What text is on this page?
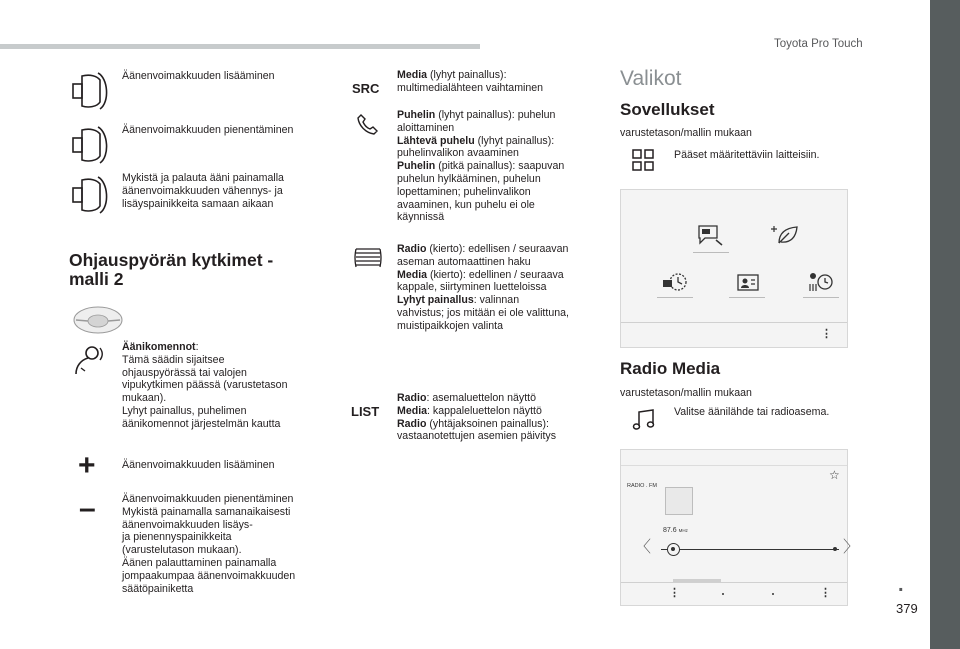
Toyota Pro Touch
Äänenvoimakkuuden lisääminen
Äänenvoimakkuuden pienentäminen
Mykistä ja palauta ääni painamalla
äänenvoimakkuuden vähennys- ja
lisäyspainikkeita samaan aikaan
Ohjauspyörän kytkimet -
malli 2
Äänikomennot:
Tämä säädin sijaitsee
ohjauspyörässä tai valojen
vipukytkimen päässä (varustetason
mukaan).
Lyhyt painallus, puhelimen
äänikomennot järjestelmän kautta
+ Äänenvoimakkuuden lisääminen
– Äänenvoimakkuuden pienentäminen
Mykistä painamalla samanaikaisesti
äänenvoimakkuuden lisäys-
ja pienennyspainikkeita
(varustelutason mukaan).
Äänen palauttaminen painamalla
jompaakumpaa äänenvoimakkuuden
säätöpainiketta
SRC
Media (lyhyt painallus):
multimedialähteen vaihtaminen
Puhelin (lyhyt painallus): puhelun
aloittaminen
Lähtevä puhelu (lyhyt painallus):
puhelinvalikon avaaminen
Puhelin (pitkä painallus): saapuvan
puhelun hylkääminen, puhelun
lopettaminen; puhelinvalikon
avaaminen, kun puhelu ei ole
käynnissä
Radio (kierto): edellisen / seuraavan
aseman automaattinen haku
Media (kierto): edellinen / seuraava
kappale, siirtyminen luetteloissa
Lyhyt painallus: valinnan
vahvistus; jos mitään ei ole valittuna,
muistipaikkojen valinta
LIST
Radio: asemaluettelon näyttö
Media: kappaleluettelon näyttö
Radio (yhtäjaksoinen painallus):
vastaanotettujen asemien päivitys
Valikot
Sovellukset
varustetason/mallin mukaan
Pääset määritettäviin laitteisiin.
⋮
Radio Media
varustetason/mallin mukaan
Valitse äänilähde tai radioasema.
RADIO . FM
☆
87.6 MHz
〈	〉
⋮	⋮	.
379
